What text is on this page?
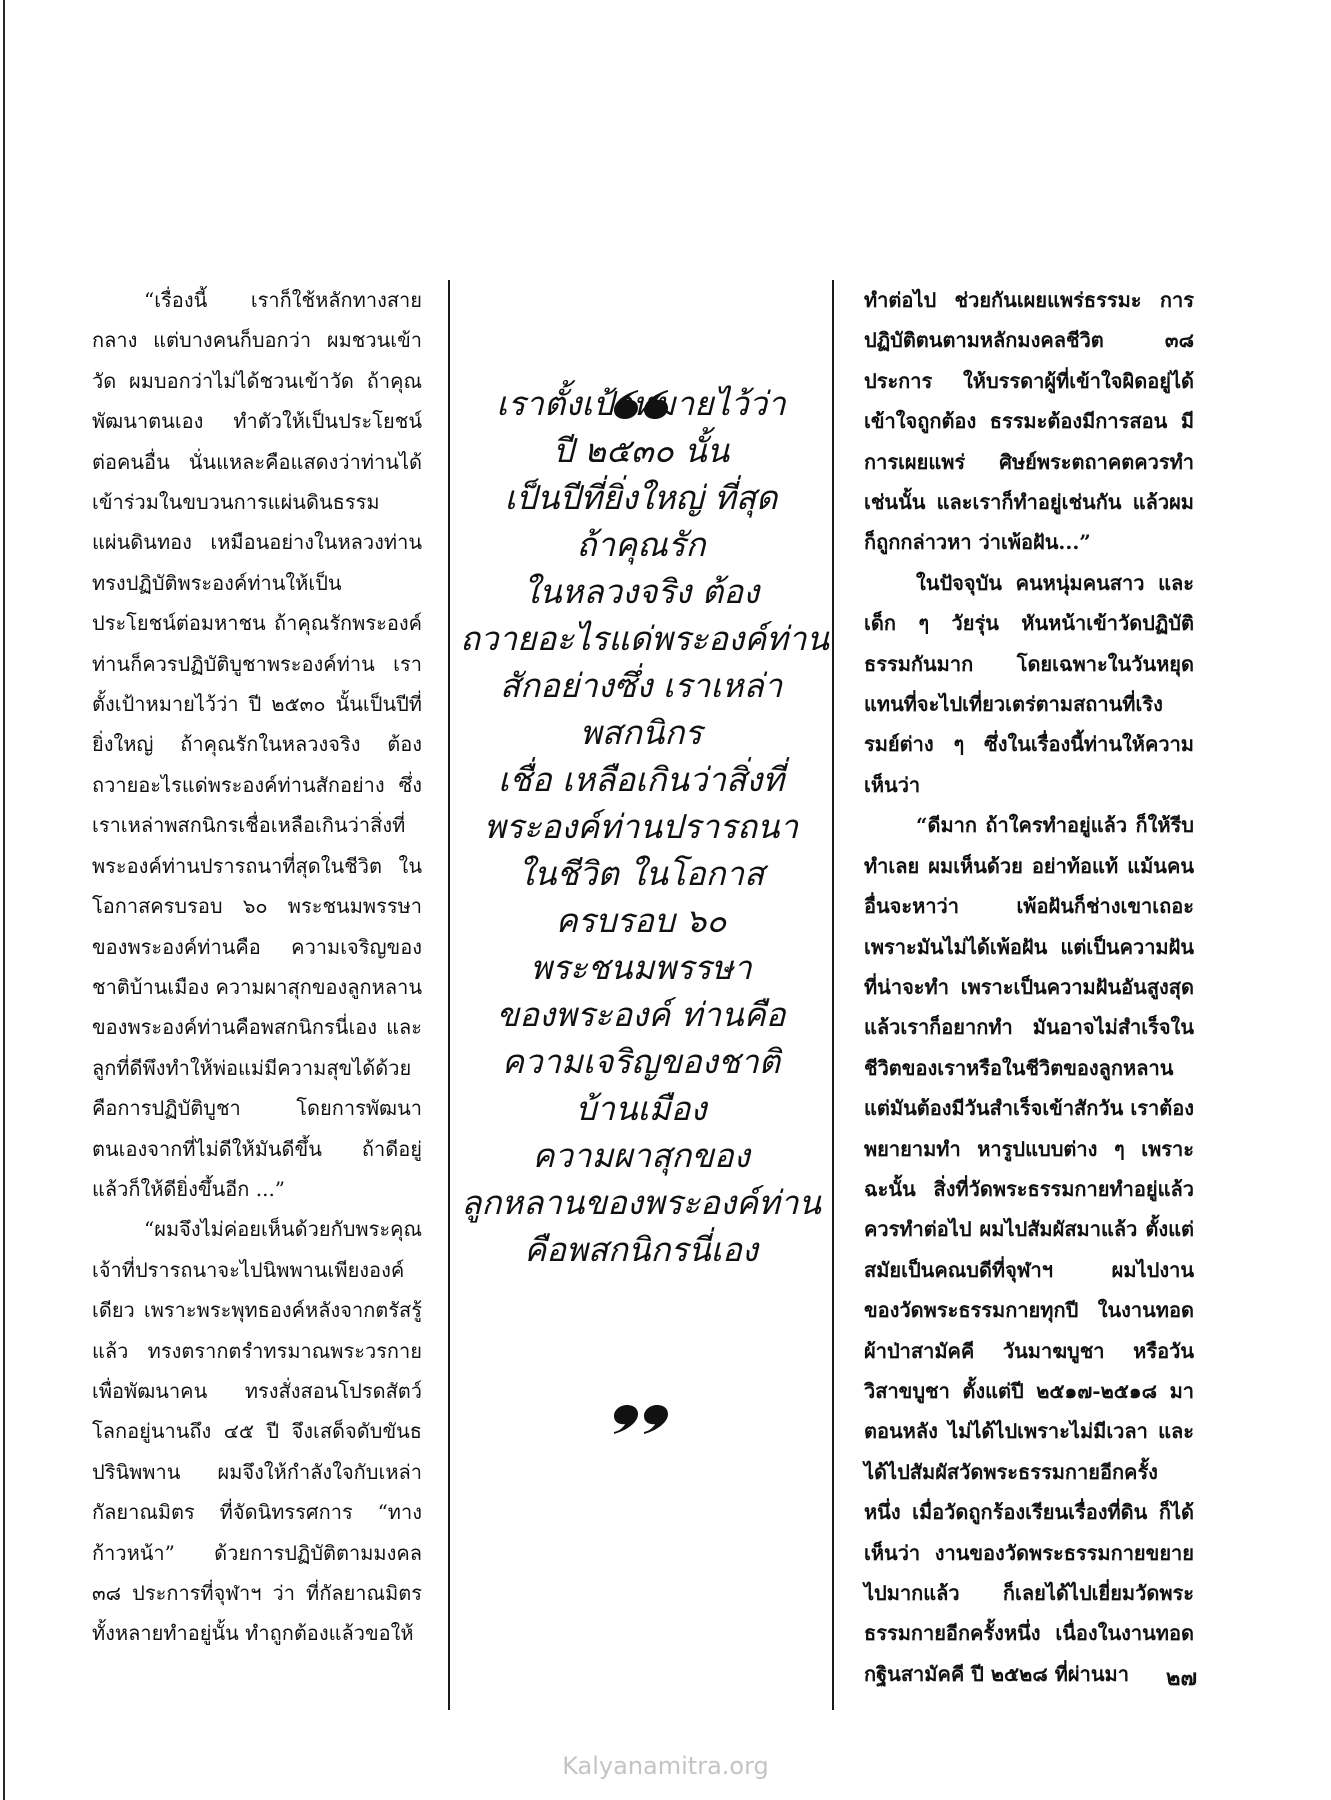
“เรื่องนี้ เราก็ใช้หลักทางสายกลาง แต่บางคนก็บอกว่า ผมชวนเข้าวัด ผมบอกว่าไม่ได้ชวนเข้าวัด ถ้าคุณพัฒนาตนเอง ทำตัวให้เป็นประโยชน์ต่อคนอื่น นั่นแหละคือแสดงว่าท่านได้เข้าร่วมในขบวนการแผ่นดินธรรม แผ่นดินทอง เหมือนอย่างในหลวงท่านทรงปฏิบัติพระองค์ท่านให้เป็นประโยชน์ต่อมหาชน ถ้าคุณรักพระองค์ท่านก็ควรปฏิบัติบูชาพระองค์ท่าน เราตั้งเป้าหมายไว้ว่า ปี ๒๕๓๐ นั้นเป็นปีที่ยิ่งใหญ่ ถ้าคุณรักในหลวงจริง ต้องถวายอะไรแด่พระองค์ท่านสักอย่าง ซึ่งเราเหล่าพสกนิกรเชื่อเหลือเกินว่าสิ่งที่พระองค์ท่านปรารถนาที่สุดในชีวิต ในโอกาสครบรอบ ๖๐ พระชนมพรรษาของพระองค์ท่านคือ ความเจริญของชาติบ้านเมือง ความผาสุกของลูกหลานของพระองค์ท่านคือพสกนิกรนี่เอง และลูกที่ดีพึงทำให้พ่อแม่มีความสุขได้ด้วยคือการปฏิบัติบูชา โดยการพัฒนาตนเองจากที่ไม่ดีให้มันดีขึ้น ถ้าดีอยู่แล้วก็ให้ดียิ่งขึ้นอีก ...”

“ผมจึงไม่ค่อยเห็นด้วยกับพระคุณเจ้าที่ปรารถนาจะไปนิพพานเพียงองค์เดียว เพราะพระพุทธองค์หลังจากตรัสรู้แล้ว ทรงตรากตรำทรมาณพระวรกายเพื่อพัฒนาคน ทรงสั่งสอนโปรดสัตว์โลกอยู่นานถึง ๔๕ ปี จึงเสด็จดับขันธปรินิพพาน ผมจึงให้กำลังใจกับเหล่ากัลยาณมิตร ที่จัดนิทรรศการ “ทางก้าวหน้า” ด้วยการปฏิบัติตามมงคล ๓๘ ประการที่จุฬาฯ ว่า ที่กัลยาณมิตรทั้งหลายทำอยู่นั้น ทำถูกต้องแล้วขอให้

เราตั้งเป้าหมายไว้ว่า
ปี ๒๕๓๐ นั้น
เป็นปีที่ยิ่งใหญ่ ที่สุด
ถ้าคุณรัก
ในหลวงจริง ต้อง
ถวายอะไรแด่พระองค์ท่าน
สักอย่างซึ่ง เราเหล่า
พสกนิกร
เชื่อ เหลือเกินว่าสิ่งที่
พระองค์ท่านปรารถนา
ในชีวิต ในโอกาส
ครบรอบ ๖๐
พระชนมพรรษา
ของพระองค์ ท่านคือ
ความเจริญของชาติ
บ้านเมือง
ความผาสุกของ
ลูกหลานของพระองค์ท่าน
คือพสกนิกรนี่เอง

ทำต่อไป ช่วยกันเผยแพร่ธรรมะ การปฏิบัติตนตามหลักมงคลชีวิต ๓๘ ประการ ให้บรรดาผู้ที่เข้าใจผิดอยู่ได้เข้าใจถูกต้อง ธรรมะต้องมีการสอน มีการเผยแพร่ ศิษย์พระตถาคตควรทำเช่นนั้น และเราก็ทำอยู่เช่นกัน แล้วผมก็ถูกกล่าวหา ว่าเพ้อฝัน...”

ในปัจจุบัน คนหนุ่มคนสาว และเด็ก ๆ วัยรุ่น หันหน้าเข้าวัดปฏิบัติธรรมกันมาก โดยเฉพาะในวันหยุด แทนที่จะไปเที่ยวเตร่ตามสถานที่เริงรมย์ต่าง ๆ ซึ่งในเรื่องนี้ท่านให้ความเห็นว่า

“ดีมาก ถ้าใครทำอยู่แล้ว ก็ให้รีบทำเลย ผมเห็นด้วย อย่าท้อแท้ แม้นคนอื่นจะหาว่า เพ้อฝันก็ช่างเขาเถอะ เพราะมันไม่ได้เพ้อฝัน แต่เป็นความฝันที่น่าจะทำ เพราะเป็นความฝันอันสูงสุด แล้วเราก็อยากทำ มันอาจไม่สำเร็จในชีวิตของเราหรือในชีวิตของลูกหลาน แต่มันต้องมีวันสำเร็จเข้าสักวัน เราต้องพยายามทำ หารูปแบบต่าง ๆ เพราะฉะนั้น สิ่งที่วัดพระธรรมกายทำอยู่แล้ว ควรทำต่อไป ผมไปสัมผัสมาแล้ว ตั้งแต่สมัยเป็นคณบดีที่จุฬาฯ ผมไปงานของวัดพระธรรมกายทุกปี ในงานทอดผ้าป่าสามัคคี วันมาฆบูชา หรือวันวิสาขบูชา ตั้งแต่ปี ๒๕๑๗-๒๕๑๘ มาตอนหลัง ไม่ได้ไปเพราะไม่มีเวลา และได้ไปสัมผัสวัดพระธรรมกายอีกครั้งหนึ่ง เมื่อวัดถูกร้องเรียนเรื่องที่ดิน ก็ได้เห็นว่า งานของวัดพระธรรมกายขยายไปมากแล้ว ก็เลยได้ไปเยี่ยมวัดพระธรรมกายอีกครั้งหนึ่ง เนื่องในงานทอดกฐินสามัคคี ปี ๒๕๒๘ ที่ผ่านมา	๒๗
Kalyanamitra.org
